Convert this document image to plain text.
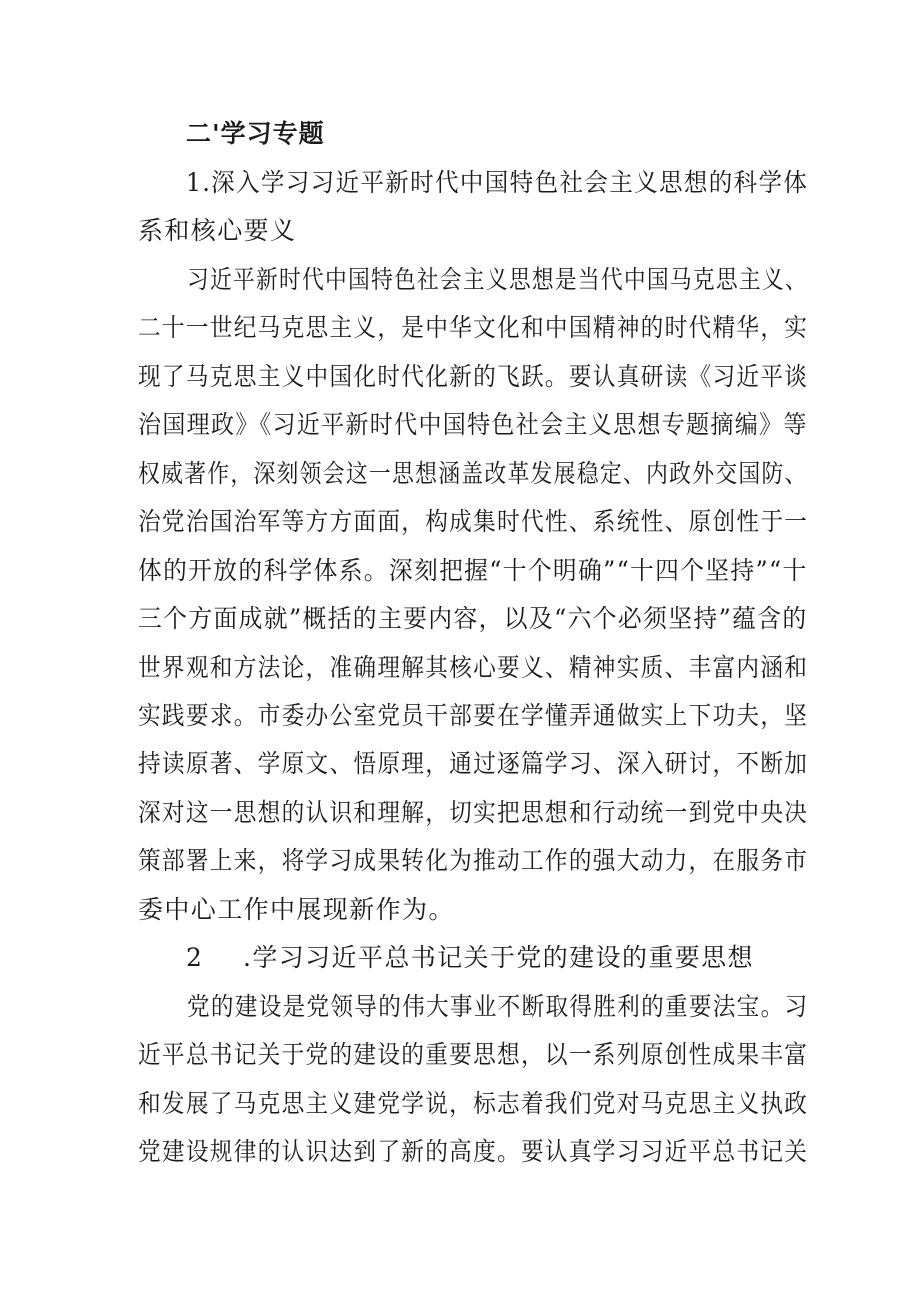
二'学习专题
1.深入学习习近平新时代中国特色社会主义思想的科学体
系和核心要义
习近平新时代中国特色社会主义思想是当代中国马克思主义、
二十一世纪马克思主义，是中华文化和中国精神的时代精华，实
现了马克思主义中国化时代化新的飞跃。要认真研读《习近平谈
治国理政》《习近平新时代中国特色社会主义思想专题摘编》等
权威著作，深刻领会这一思想涵盖改革发展稳定、内政外交国防、
治党治国治军等方方面面，构成集时代性、系统性、原创性于一
体的开放的科学体系。深刻把握“十个明确”“十四个坚持”“十
三个方面成就”概括的主要内容，以及“六个必须坚持”蕴含的
世界观和方法论，准确理解其核心要义、精神实质、丰富内涵和
实践要求。市委办公室党员干部要在学懂弄通做实上下功夫，坚
持读原著、学原文、悟原理，通过逐篇学习、深入研讨，不断加
深对这一思想的认识和理解，切实把思想和行动统一到党中央决
策部署上来，将学习成果转化为推动工作的强大动力，在服务市
委中心工作中展现新作为。
2 .学习习近平总书记关于党的建设的重要思想
党的建设是党领导的伟大事业不断取得胜利的重要法宝。习
近平总书记关于党的建设的重要思想，以一系列原创性成果丰富
和发展了马克思主义建党学说，标志着我们党对马克思主义执政
党建设规律的认识达到了新的高度。要认真学习习近平总书记关
